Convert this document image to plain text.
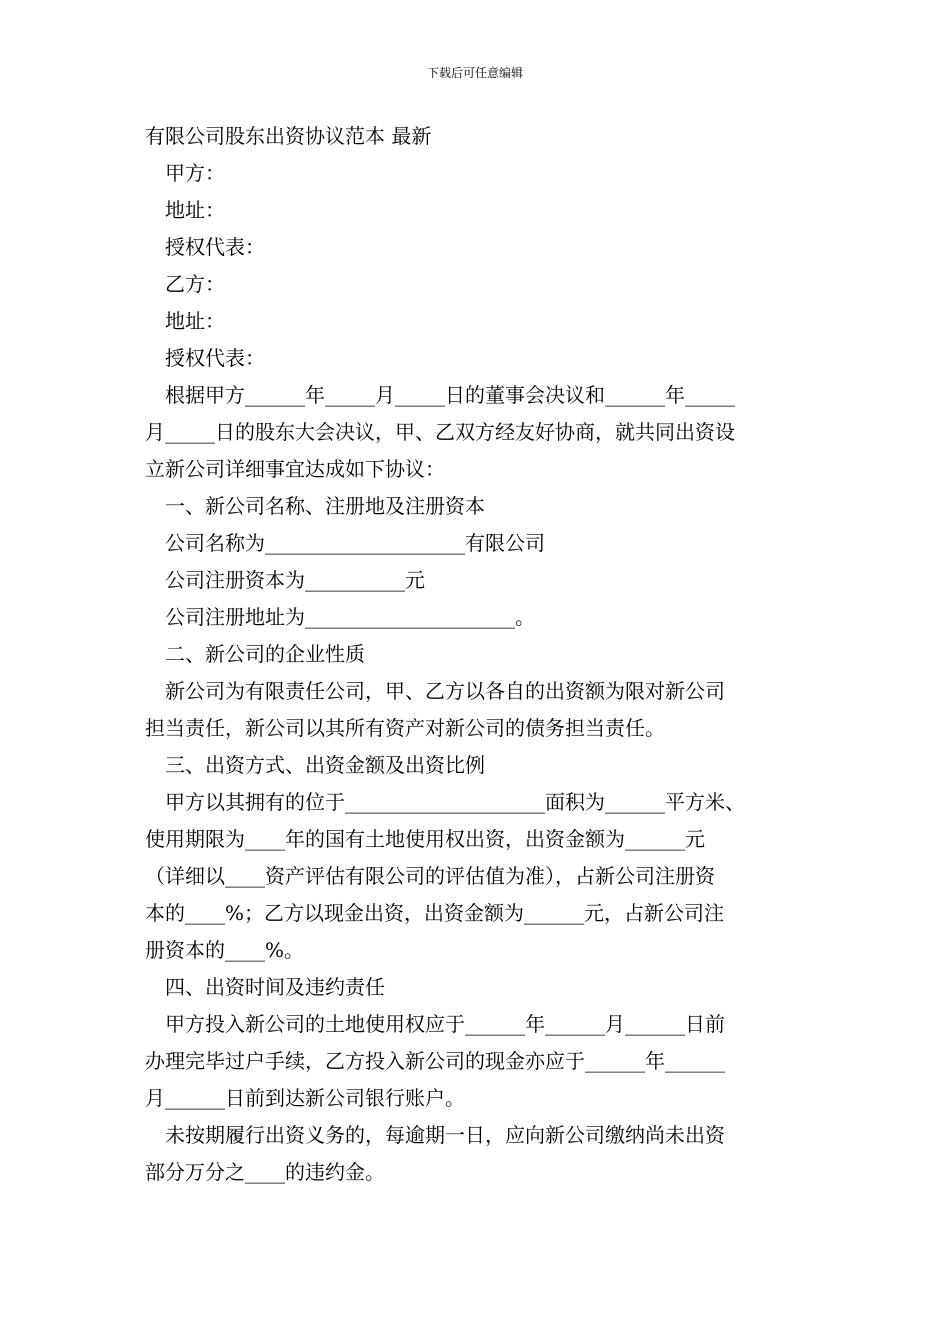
下载后可任意编辑
有限公司股东出资协议范本 最新
甲方：
地址：
授权代表：
乙方：
地址：
授权代表：
根据甲方______年_____月_____日的董事会决议和______年_____
月_____日的股东大会决议，甲、乙双方经友好协商，就共同出资设
立新公司详细事宜达成如下协议：
一、新公司名称、注册地及注册资本
公司名称为____________________有限公司
公司注册资本为__________元
公司注册地址为_____________________。
二、新公司的企业性质
新公司为有限责任公司，甲、乙方以各自的出资额为限对新公司
担当责任，新公司以其所有资产对新公司的债务担当责任。
三、出资方式、出资金额及出资比例
甲方以其拥有的位于____________________面积为______平方米、
使用期限为____年的国有土地使用权出资，出资金额为______元
（详细以____资产评估有限公司的评估值为准），占新公司注册资
本的____%；乙方以现金出资，出资金额为______元，占新公司注
册资本的____%。
四、出资时间及违约责任
甲方投入新公司的土地使用权应于______年______月______日前
办理完毕过户手续，乙方投入新公司的现金亦应于______年______
月______日前到达新公司银行账户。
未按期履行出资义务的，每逾期一日，应向新公司缴纳尚未出资
部分万分之____的违约金。
